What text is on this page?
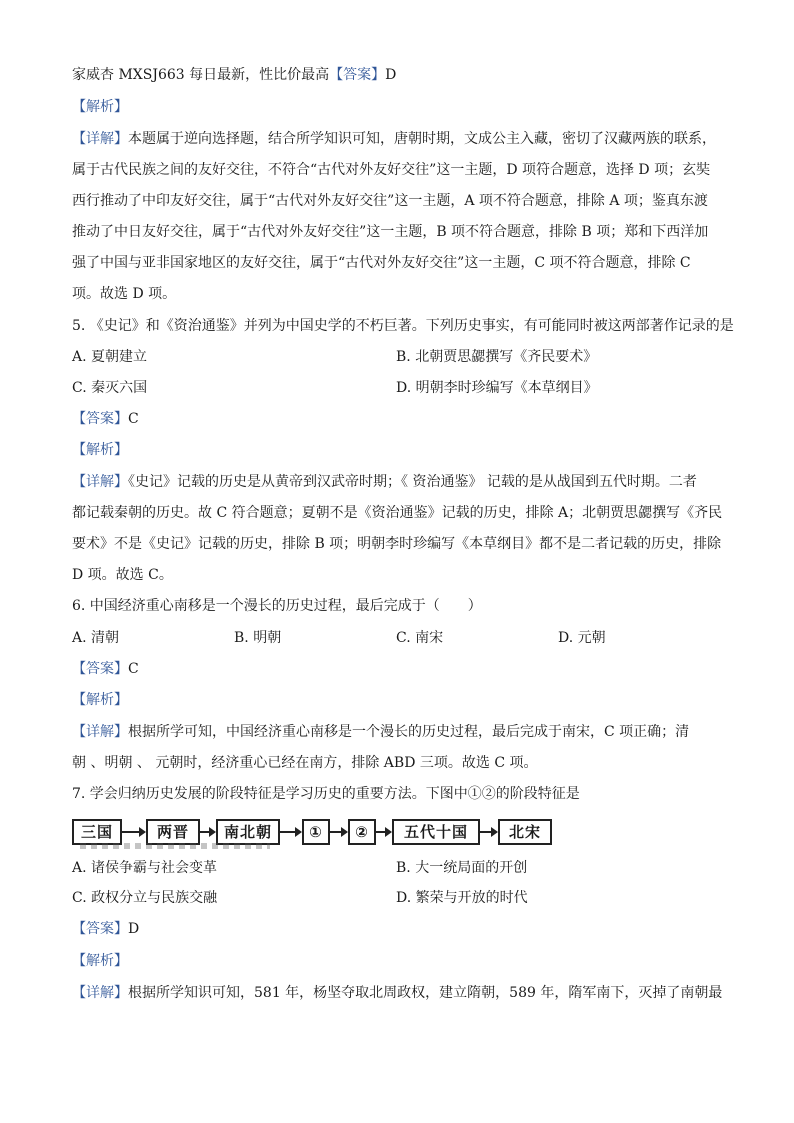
家威杏 MXSJ663 每日最新，性比价最高【答案】D
【解析】
【详解】本题属于逆向选择题，结合所学知识可知，唐朝时期，文成公主入藏，密切了汉藏两族的联系，
属于古代民族之间的友好交往，不符合“古代对外友好交往”这一主题，D 项符合题意，选择 D 项；玄奘
西行推动了中印友好交往，属于“古代对外友好交往”这一主题，A 项不符合题意，排除 A 项；鉴真东渡
推动了中日友好交往，属于“古代对外友好交往”这一主题，B 项不符合题意，排除 B 项；郑和下西洋加
强了中国与亚非国家地区的友好交往，属于“古代对外友好交往”这一主题，C 项不符合题意，排除 C
项。故选 D 项。
5. 《史记》和《资治通鉴》并列为中国史学的不朽巨著。下列历史事实，有可能同时被这两部著作记录的是
A. 夏朝建立	B. 北朝贾思勰撰写《齐民要术》
C. 秦灭六国	D. 明朝李时珍编写《本草纲目》
【答案】C
【解析】
【详解】《史记》记载的历史是从黄帝到汉武帝时期；《 资治通鉴》 记载的是从战国到五代时期。二者
都记载秦朝的历史。故 C 符合题意；夏朝不是《资治通鉴》记载的历史，排除 A；北朝贾思勰撰写《齐民
要术》不是《史记》记载的历史，排除 B 项；明朝李时珍编写《本草纲目》都不是二者记载的历史，排除
D 项。故选 C。
6. 中国经济重心南移是一个漫长的历史过程，最后完成于（　　）
A. 清朝	B. 明朝	C. 南宋	D. 元朝
【答案】C
【解析】
【详解】根据所学可知，中国经济重心南移是一个漫长的历史过程，最后完成于南宋，C 项正确；清
朝 、明朝 、 元朝时，经济重心已经在南方，排除 ABD 三项。故选 C 项。
7. 学会归纳历史发展的阶段特征是学习历史的重要方法。下图中①②的阶段特征是
三国	两晋	南北朝	①	②	五代十国	北宋
A. 诸侯争霸与社会变革	B. 大一统局面的开创
C. 政权分立与民族交融	D. 繁荣与开放的时代
【答案】D
【解析】
【详解】根据所学知识可知，581 年，杨坚夺取北周政权，建立隋朝，589 年，隋军南下，灭掉了南朝最
